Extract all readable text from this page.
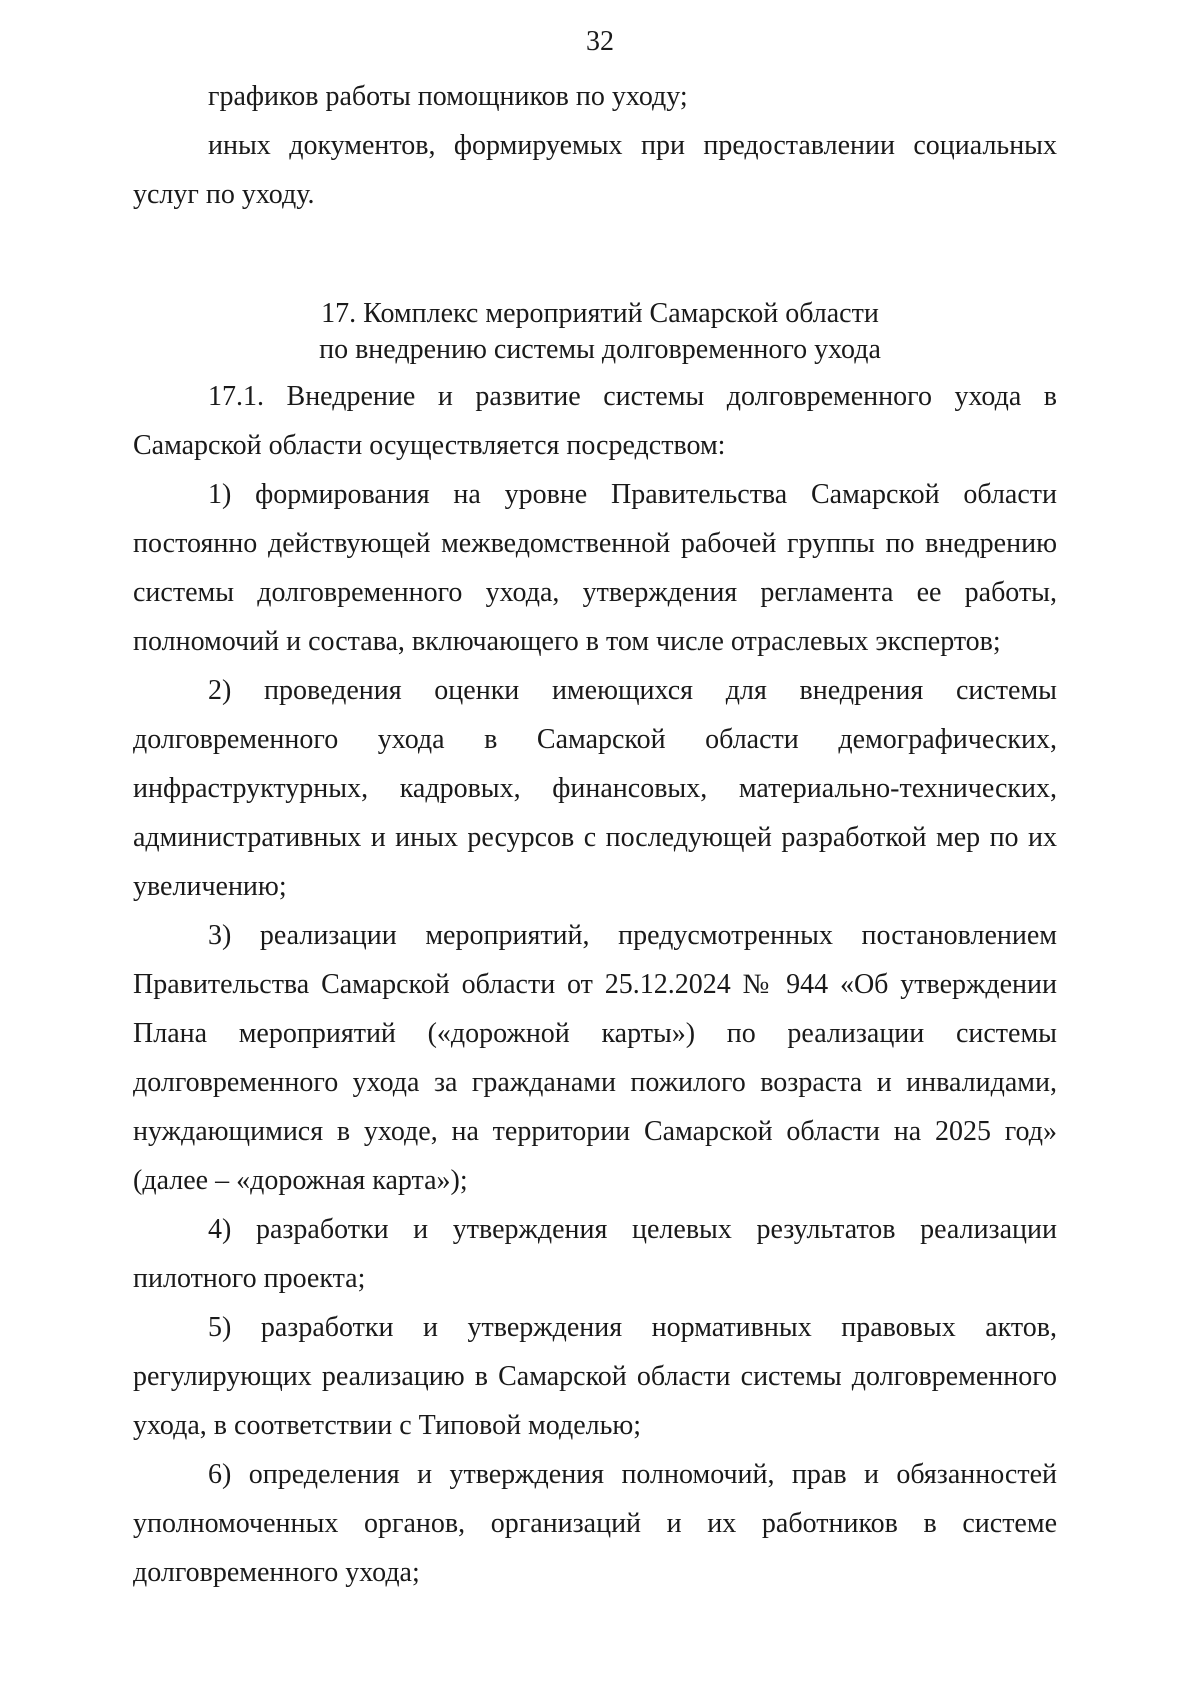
32

графиков работы помощников по уходу;

иных документов, формируемых при предоставлении социальных услуг по уходу.

17. Комплекс мероприятий Самарской области

по внедрению системы долговременного ухода

17.1. Внедрение и развитие системы долговременного ухода в Самарской области осуществляется посредством:

1) формирования на уровне Правительства Самарской области постоянно действующей межведомственной рабочей группы по внедрению системы долговременного ухода, утверждения регламента ее работы, полномочий и состава, включающего в том числе отраслевых экспертов;

2) проведения оценки имеющихся для внедрения системы долговременного ухода в Самарской области демографических, инфраструктурных, кадровых, финансовых, материально-технических, административных и иных ресурсов с последующей разработкой мер по их увеличению;

3) реализации мероприятий, предусмотренных постановлением Правительства Самарской области от 25.12.2024 № 944 «Об утверждении Плана мероприятий («дорожной карты») по реализации системы долговременного ухода за гражданами пожилого возраста и инвалидами, нуждающимися в уходе, на территории Самарской области на 2025 год» (далее – «дорожная карта»);

4) разработки и утверждения целевых результатов реализации пилотного проекта;

5) разработки и утверждения нормативных правовых актов, регулирующих реализацию в Самарской области системы долговременного ухода, в соответствии с Типовой моделью;

6) определения и утверждения полномочий, прав и обязанностей уполномоченных органов, организаций и их работников в системе долговременного ухода;
